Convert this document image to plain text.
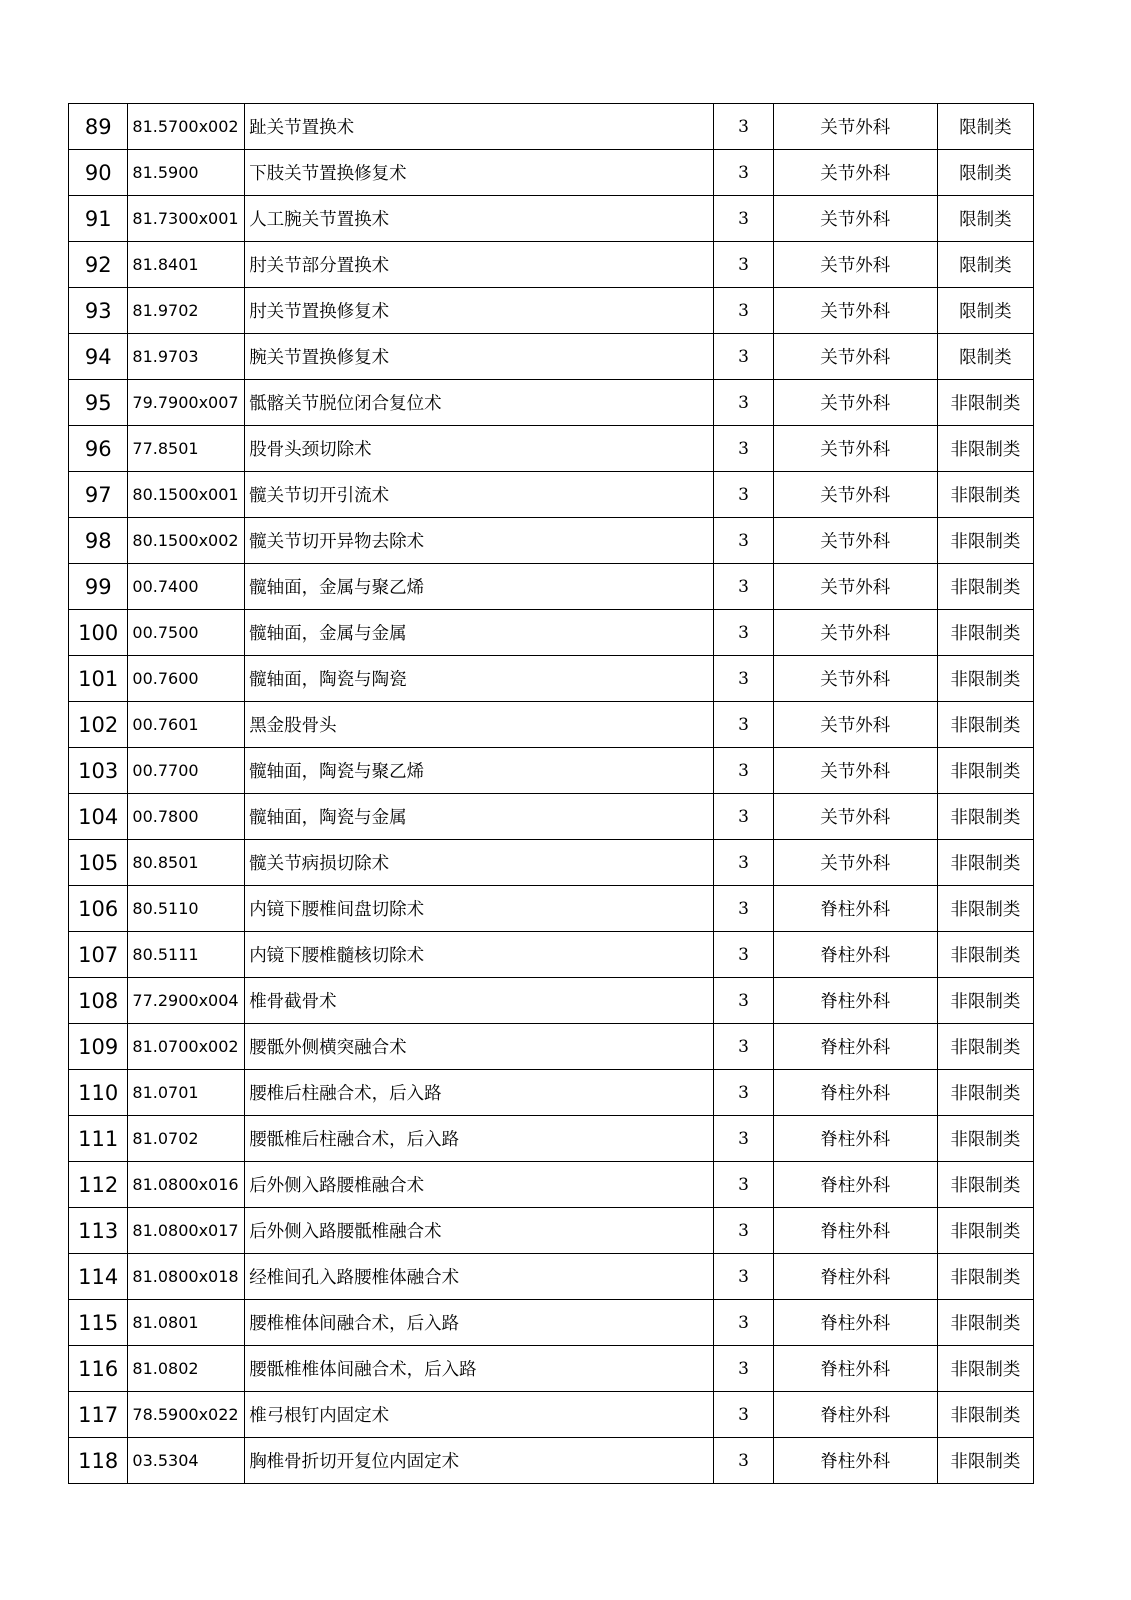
89	81.5700x002	趾关节置换术	3	关节外科	限制类
90	81.5900	下肢关节置换修复术	3	关节外科	限制类
91	81.7300x001	人工腕关节置换术	3	关节外科	限制类
92	81.8401	肘关节部分置换术	3	关节外科	限制类
93	81.9702	肘关节置换修复术	3	关节外科	限制类
94	81.9703	腕关节置换修复术	3	关节外科	限制类
95	79.7900x007	骶髂关节脱位闭合复位术	3	关节外科	非限制类
96	77.8501	股骨头颈切除术	3	关节外科	非限制类
97	80.1500x001	髋关节切开引流术	3	关节外科	非限制类
98	80.1500x002	髋关节切开异物去除术	3	关节外科	非限制类
99	00.7400	髋轴面，金属与聚乙烯	3	关节外科	非限制类
100	00.7500	髋轴面，金属与金属	3	关节外科	非限制类
101	00.7600	髋轴面，陶瓷与陶瓷	3	关节外科	非限制类
102	00.7601	黑金股骨头	3	关节外科	非限制类
103	00.7700	髋轴面，陶瓷与聚乙烯	3	关节外科	非限制类
104	00.7800	髋轴面，陶瓷与金属	3	关节外科	非限制类
105	80.8501	髋关节病损切除术	3	关节外科	非限制类
106	80.5110	内镜下腰椎间盘切除术	3	脊柱外科	非限制类
107	80.5111	内镜下腰椎髓核切除术	3	脊柱外科	非限制类
108	77.2900x004	椎骨截骨术	3	脊柱外科	非限制类
109	81.0700x002	腰骶外侧横突融合术	3	脊柱外科	非限制类
110	81.0701	腰椎后柱融合术，后入路	3	脊柱外科	非限制类
111	81.0702	腰骶椎后柱融合术，后入路	3	脊柱外科	非限制类
112	81.0800x016	后外侧入路腰椎融合术	3	脊柱外科	非限制类
113	81.0800x017	后外侧入路腰骶椎融合术	3	脊柱外科	非限制类
114	81.0800x018	经椎间孔入路腰椎体融合术	3	脊柱外科	非限制类
115	81.0801	腰椎椎体间融合术，后入路	3	脊柱外科	非限制类
116	81.0802	腰骶椎椎体间融合术，后入路	3	脊柱外科	非限制类
117	78.5900x022	椎弓根钉内固定术	3	脊柱外科	非限制类
118	03.5304	胸椎骨折切开复位内固定术	3	脊柱外科	非限制类
